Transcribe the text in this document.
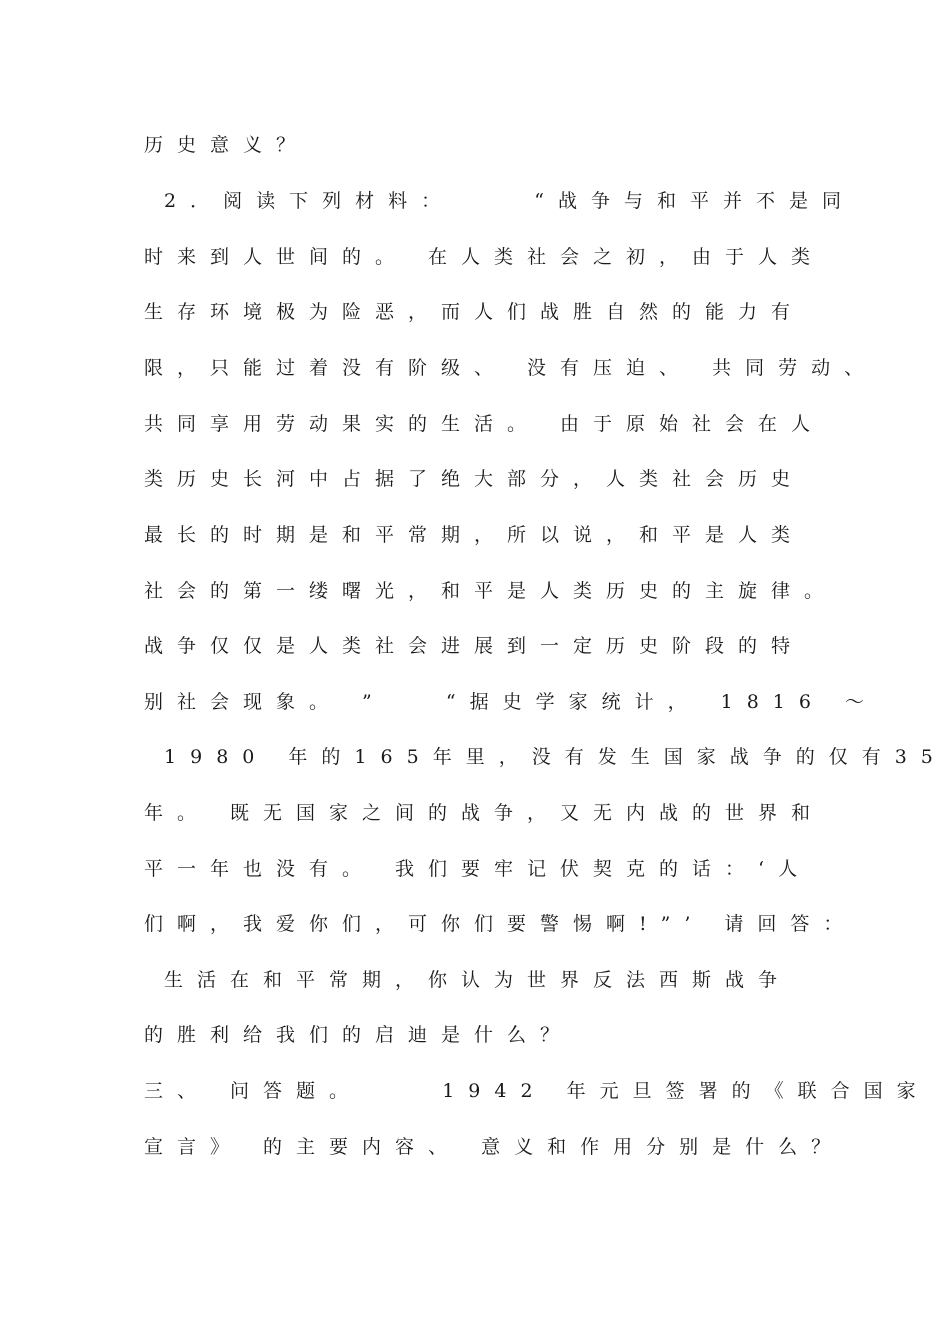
历史意义？
2．阅读下列材料：    “战争与和平并不是同
时来到人世间的。 在人类社会之初，由于人类
生存环境极为险恶，而人们战胜自然的能力有
限，只能过着没有阶级、 没有压迫、 共同劳动、
共同享用劳动果实的生活。 由于原始社会在人
类历史长河中占据了绝大部分，人类社会历史
最长的时期是和平常期，所以说，和平是人类
社会的第一缕曙光，和平是人类历史的主旋律。
战争仅仅是人类社会进展到一定历史阶段的特
别社会现象。 ”   “据史学家统计， 1816 ～
1980 年的165年里，没有发生国家战争的仅有35
年。 既无国家之间的战争，又无内战的世界和
平一年也没有。 我们要牢记伏契克的话：‘人
们啊，我爱你们，可你们要警惕啊!”’ 请回答：
生活在和平常期，你认为世界反法西斯战争
的胜利给我们的启迪是什么？
三、 问答题。    1942 年元旦签署的《联合国家
宣言》 的主要内容、 意义和作用分别是什么？
